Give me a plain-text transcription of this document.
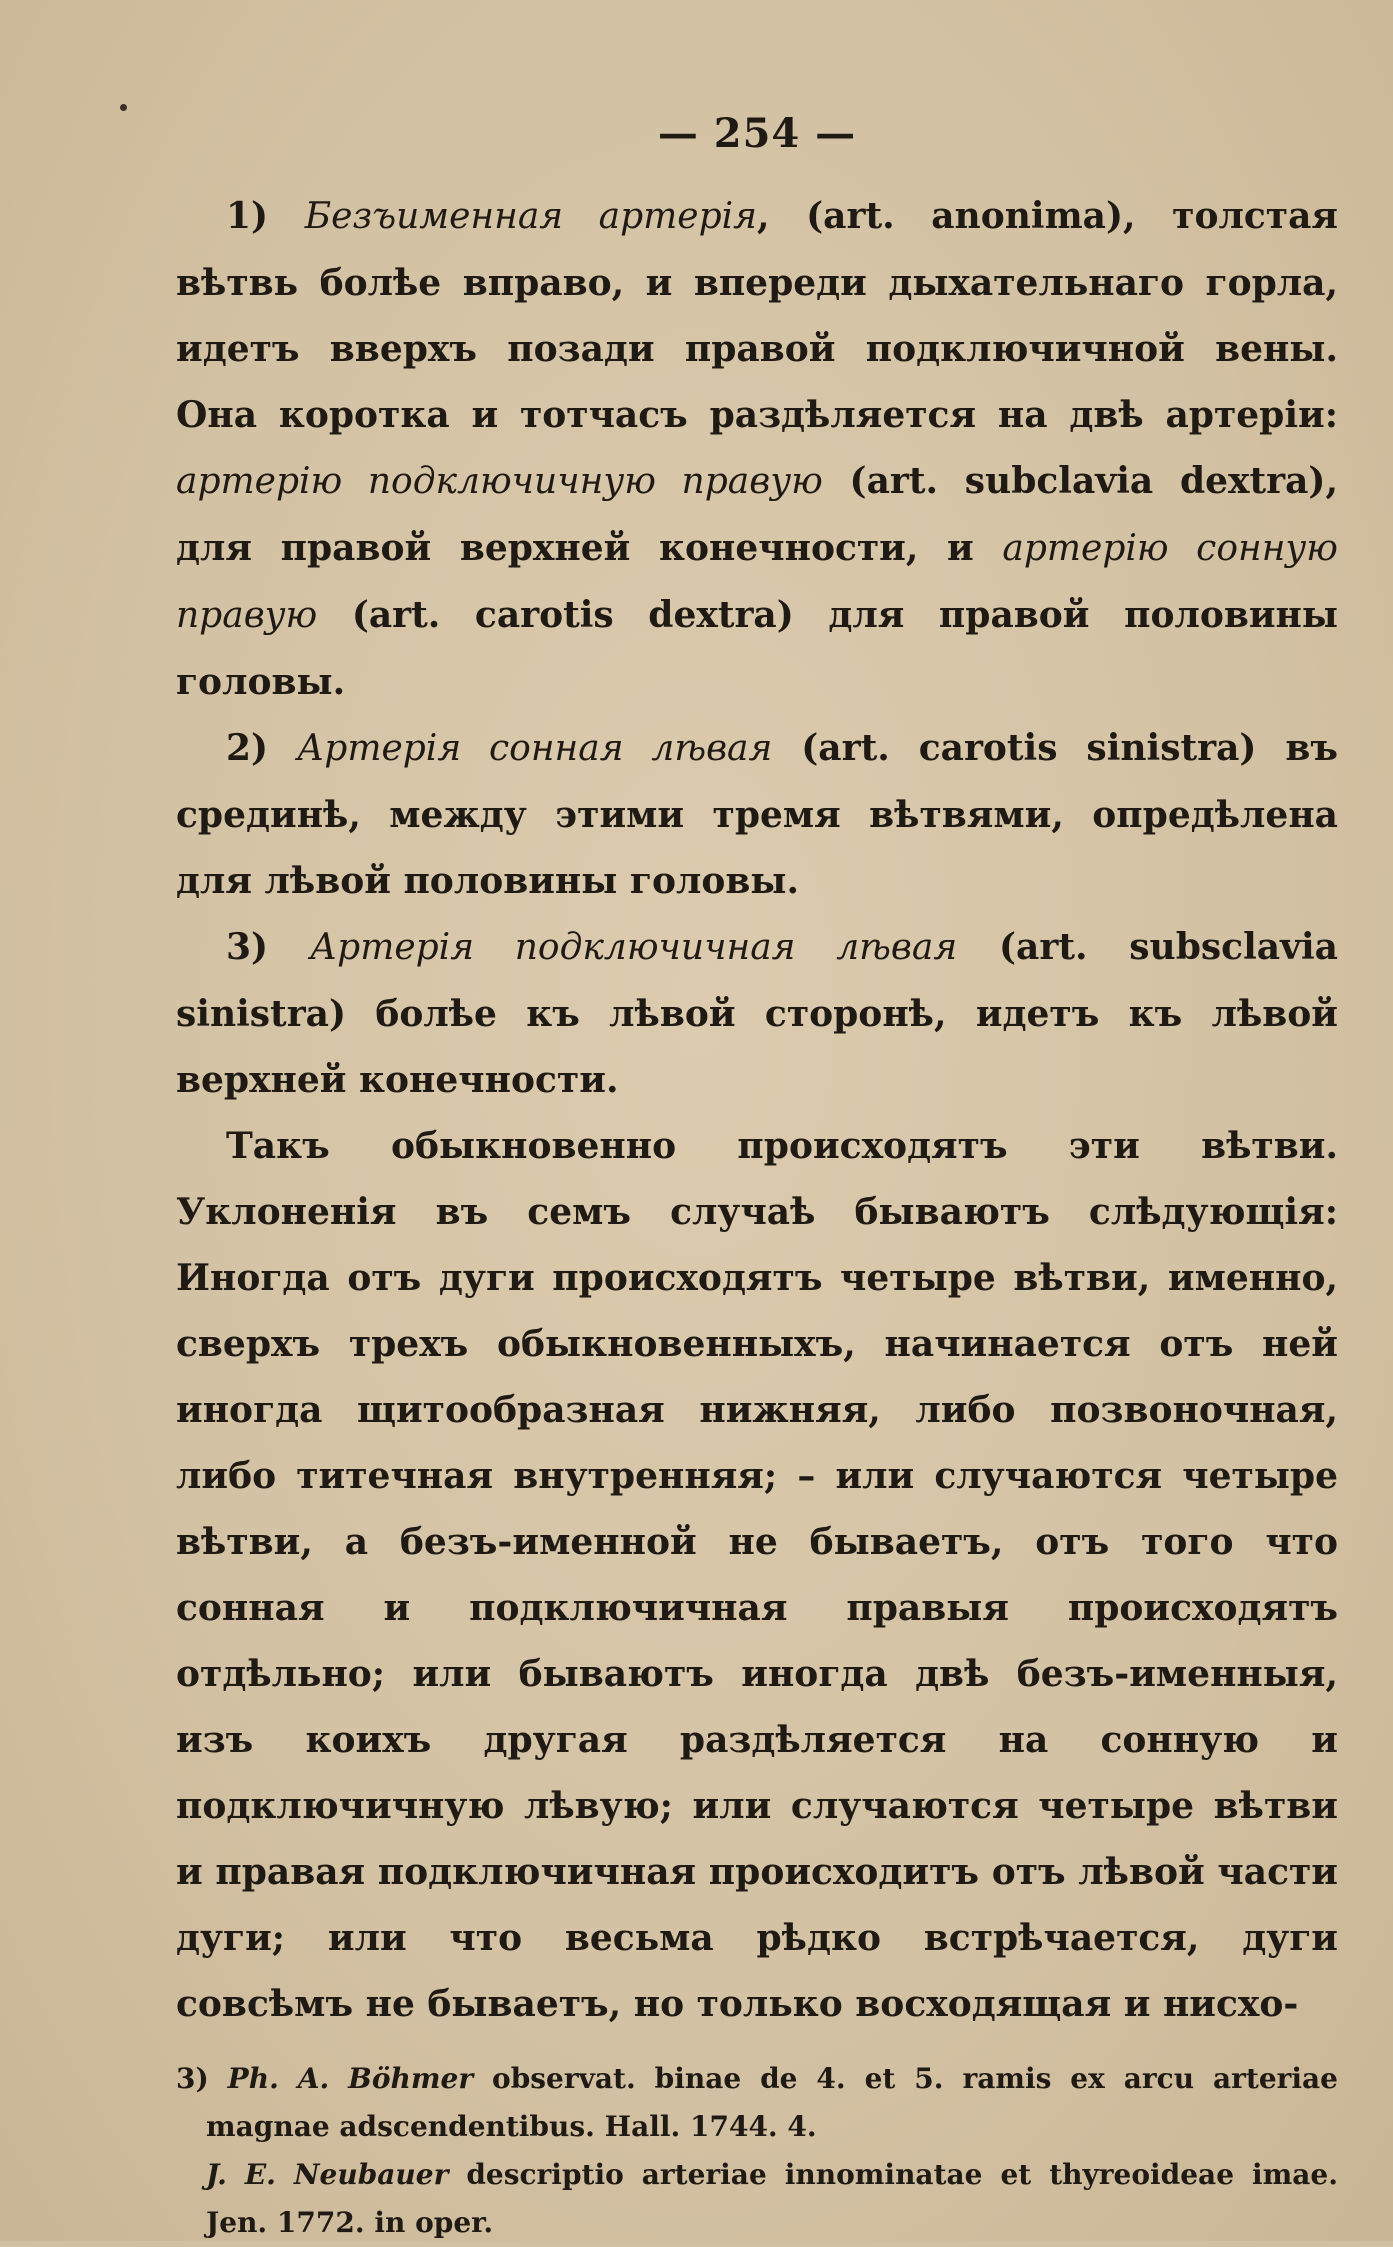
— 254 —

1) Безъименная артерія, (art. anonima), толстая вѣтвь болѣе вправо, и впереди дыхательнаго горла, идетъ вверхъ позади правой подключичной вены. Она коротка и тотчасъ раздѣляется на двѣ артеріи: артерію подключичную правую (art. subclavia dextra), для правой верхней конечности, и артерію сонную правую (art. carotis dextra) для правой половины головы.

2) Артерія сонная лѣвая (art. carotis sinistra) въ срединѣ, между этими тремя вѣтвями, опредѣлена для лѣвой половины головы.

3) Артерія подключичная лѣвая (art. subsclavia sinistra) болѣе къ лѣвой сторонѣ, идетъ къ лѣвой верхней конечности.

Такъ обыкновенно происходятъ эти вѣтви. Уклоненія въ семъ случаѣ бываютъ слѣдующія: Иногда отъ дуги происходятъ четыре вѣтви, именно, сверхъ трехъ обыкновенныхъ, начинается отъ ней иногда щитообразная нижняя, либо позвоночная, либо титечная внутренняя; – или случаются четыре вѣтви, а безъ-именной не бываетъ, отъ того что сонная и подключичная правыя происходятъ отдѣльно; или бываютъ иногда двѣ безъ-именныя, изъ коихъ другая раздѣляется на сонную и подключичную лѣвую; или случаются четыре вѣтви и правая подключичная происходитъ отъ лѣвой части дуги; или что весьма рѣдко встрѣчается, дуги совсѣмъ не бываетъ, но только восходящая и нисхо-

3) Ph. A. Böhmer observat. binae de 4. et 5. ramis ex arcu arteriae magnae adscendentibus. Hall. 1744. 4.

J. E. Neubauer descriptio arteriae innominatae et thyreoideae imae. Jen. 1772. in oper.
